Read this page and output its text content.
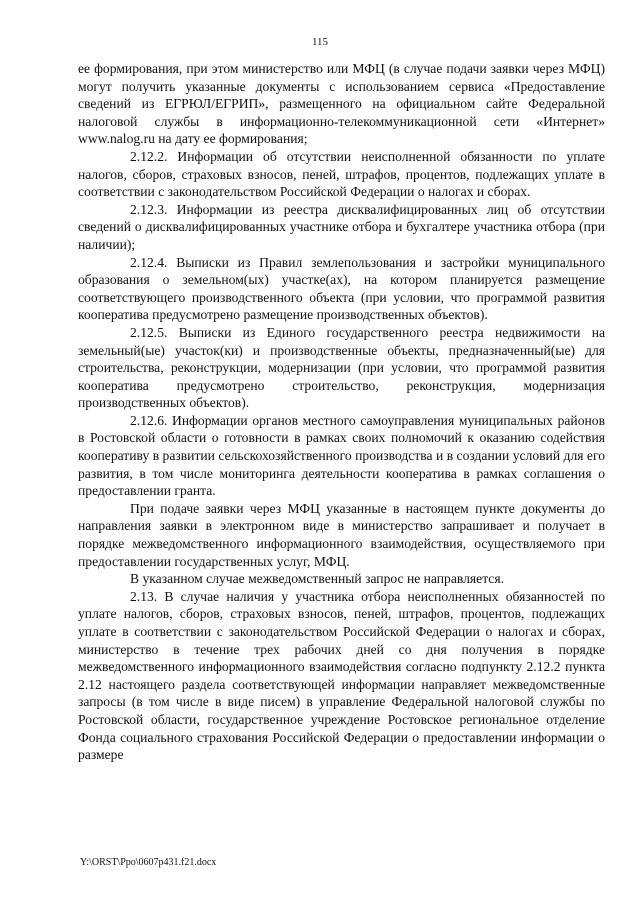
115

ее формирования, при этом министерство или МФЦ (в случае подачи заявки через МФЦ) могут получить указанные документы с использованием сервиса «Предоставление сведений из ЕГРЮЛ/ЕГРИП», размещенного на официальном сайте Федеральной налоговой службы в информационно-телекоммуникационной сети «Интернет» www.nalog.ru на дату ее формирования;

2.12.2. Информации об отсутствии неисполненной обязанности по уплате налогов, сборов, страховых взносов, пеней, штрафов, процентов, подлежащих уплате в соответствии с законодательством Российской Федерации о налогах и сборах.

2.12.3. Информации из реестра дисквалифицированных лиц об отсутствии сведений о дисквалифицированных участнике отбора и бухгалтере участника отбора (при наличии);

2.12.4. Выписки из Правил землепользования и застройки муниципального образования о земельном(ых) участке(ах), на котором планируется размещение соответствующего производственного объекта (при условии, что программой развития кооператива предусмотрено размещение производственных объектов).

2.12.5. Выписки из Единого государственного реестра недвижимости на земельный(ые) участок(ки) и производственные объекты, предназначенный(ые) для строительства, реконструкции, модернизации (при условии, что программой развития кооператива предусмотрено строительство, реконструкция, модернизация производственных объектов).

2.12.6. Информации органов местного самоуправления муниципальных районов в Ростовской области о готовности в рамках своих полномочий к оказанию содействия кооперативу в развитии сельскохозяйственного производства и в создании условий для его развития, в том числе мониторинга деятельности кооператива в рамках соглашения о предоставлении гранта.

При подаче заявки через МФЦ указанные в настоящем пункте документы до направления заявки в электронном виде в министерство запрашивает и получает в порядке межведомственного информационного взаимодействия, осуществляемого при предоставлении государственных услуг, МФЦ.

В указанном случае межведомственный запрос не направляется.

2.13. В случае наличия у участника отбора неисполненных обязанностей по уплате налогов, сборов, страховых взносов, пеней, штрафов, процентов, подлежащих уплате в соответствии с законодательством Российской Федерации о налогах и сборах, министерство в течение трех рабочих дней со дня получения в порядке межведомственного информационного взаимодействия согласно подпункту 2.12.2 пункта 2.12 настоящего раздела соответствующей информации направляет межведомственные запросы (в том числе в виде писем) в управление Федеральной налоговой службы по Ростовской области, государственное учреждение Ростовское региональное отделение Фонда социального страхования Российской Федерации о предоставлении информации о размере

Y:\ORST\Ppo\0607p431.f21.docx
